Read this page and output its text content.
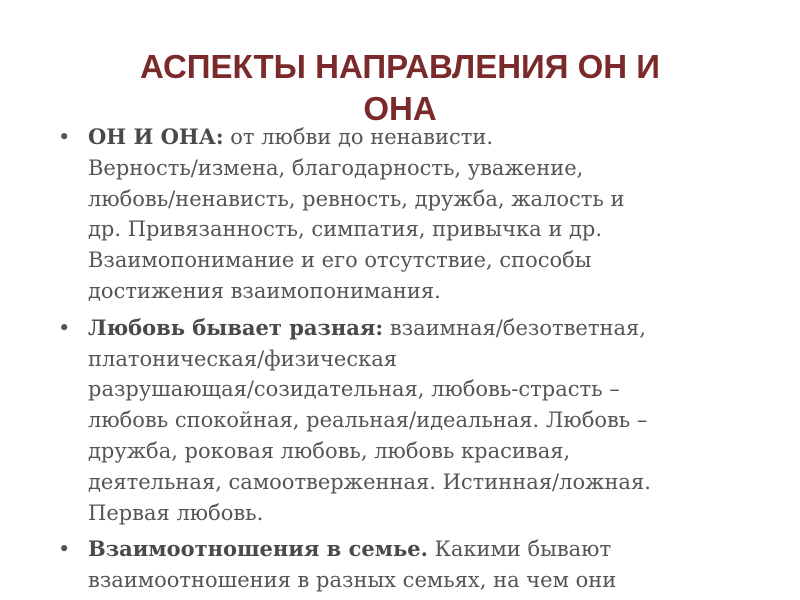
АСПЕКТЫ НАПРАВЛЕНИЯ ОН И
ОНА
• ОН И ОНА: от любви до ненависти.
Верность/измена, благодарность, уважение,
любовь/ненависть, ревность, дружба, жалость и
др. Привязанность, симпатия, привычка и др.
Взаимопонимание и его отсутствие, способы
достижения взаимопонимания.
• Любовь бывает разная: взаимная/безответная,
платоническая/физическая
разрушающая/созидательная, любовь-страсть –
любовь спокойная, реальная/идеальная. Любовь –
дружба, роковая любовь, любовь красивая,
деятельная, самоотверженная. Истинная/ложная.
Первая любовь.
• Взаимоотношения в семье. Какими бывают
взаимоотношения в разных семьях, на чем они
